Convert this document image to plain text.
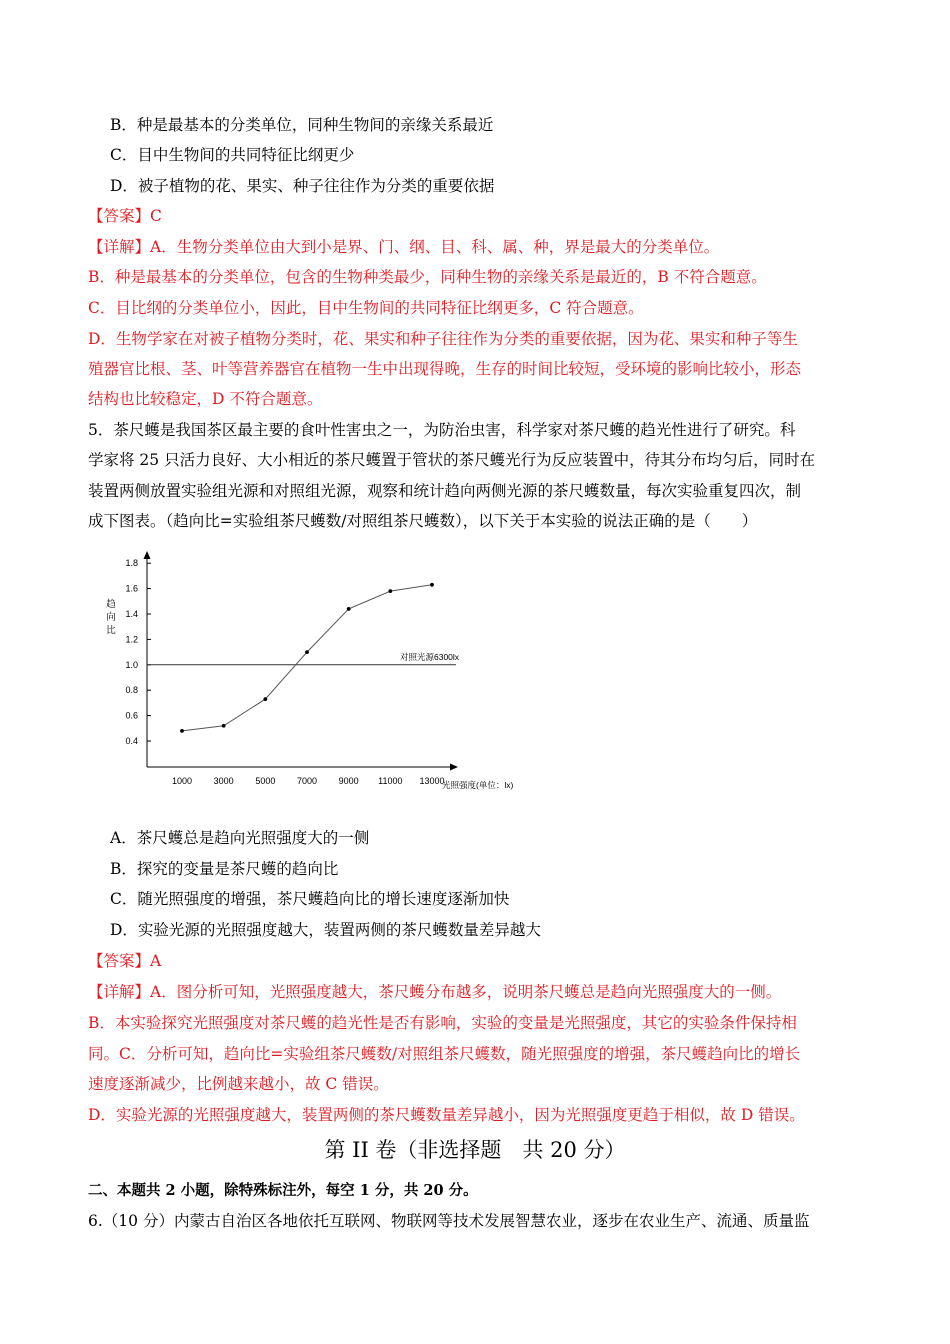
B．种是最基本的分类单位，同种生物间的亲缘关系最近
C．目中生物间的共同特征比纲更少
D．被子植物的花、果实、种子往往作为分类的重要依据
【答案】C
【详解】A．生物分类单位由大到小是界、门、纲、目、科、属、种，界是最大的分类单位。
B．种是最基本的分类单位，包含的生物种类最少，同种生物的亲缘关系是最近的，B 不符合题意。
C．目比纲的分类单位小，因此，目中生物间的共同特征比纲更多，C 符合题意。
D．生物学家在对被子植物分类时，花、果实和种子往往作为分类的重要依据，因为花、果实和种子等生
殖器官比根、茎、叶等营养器官在植物一生中出现得晚，生存的时间比较短，受环境的影响比较小，形态
结构也比较稳定，D 不符合题意。
5．茶尺蠖是我国茶区最主要的食叶性害虫之一，为防治虫害，科学家对茶尺蠖的趋光性进行了研究。科
学家将 25 只活力良好、大小相近的茶尺蠖置于管状的茶尺蠖光行为反应装置中，待其分布均匀后，同时在
装置两侧放置实验组光源和对照组光源，观察和统计趋向两侧光源的茶尺蠖数量，每次实验重复四次，制
成下图表。（趋向比=实验组茶尺蠖数/对照组茶尺蠖数），以下关于本实验的说法正确的是（　　）
0.4
0.6
0.8
1.0
1.2
1.4
1.6
1.8
趋
向
比
1000 3000 5000 7000 9000 11000 13000
光照强度(单位：lx)
对照光源6300lx
A．茶尺蠖总是趋向光照强度大的一侧
B．探究的变量是茶尺蠖的趋向比
C．随光照强度的增强，茶尺蠖趋向比的增长速度逐渐加快
D．实验光源的光照强度越大，装置两侧的茶尺蠖数量差异越大
【答案】A
【详解】A．图分析可知，光照强度越大，茶尺蠖分布越多，说明茶尺蠖总是趋向光照强度大的一侧。
B．本实验探究光照强度对茶尺蠖的趋光性是否有影响，实验的变量是光照强度，其它的实验条件保持相
同。C．分析可知，趋向比=实验组茶尺蠖数/对照组茶尺蠖数，随光照强度的增强，茶尺蠖趋向比的增长
速度逐渐减少，比例越来越小，故 C 错误。
D．实验光源的光照强度越大，装置两侧的茶尺蠖数量差异越小，因为光照强度更趋于相似，故 D 错误。
第 II 卷（非选择题　共 20 分）
二、本题共 2 小题，除特殊标注外，每空 1 分，共 20 分。
6.（10 分）内蒙古自治区各地依托互联网、物联网等技术发展智慧农业，逐步在农业生产、流通、质量监
